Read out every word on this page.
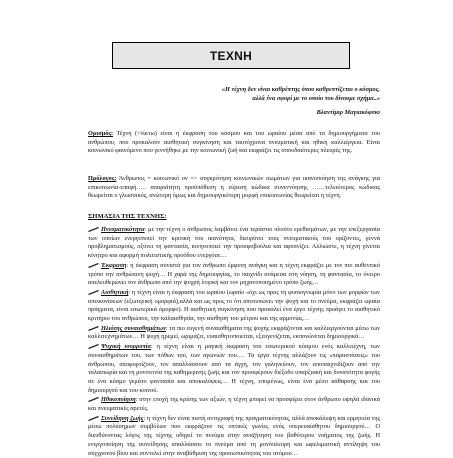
ΤΕΧΝΗ
«Η τέχνη δεν είναι καθρέπτης όπου καθρεπτίζεται ο κόσμος,
αλλά ένα σφυρί με το οποίο του δίνουμε σχήμα..»
Βλαντίμιρ Μαγιακόφσκι
Ορισμός: Τέχνη (<τίκτω) είναι η έκφραση του κόσμου και του ωραίου μέσα από τα δημιουργήματα του ανθρώπου, που προκαλούν αισθητική συγκίνηση και ταυτόχρονα πνευματική και ηθική καλλιέργεια. Είναι κοινωνικό φαινόμενο που γεννήθηκε με την κοινωνική ζωή και εκφράζει τις σπουδαιότερες πλευρές της.
Πρόλογος: Άνθρωπος = κοινωνικό ον => συγκρότηση κοινωνικών σωμάτων για ικανοποίηση της ανάγκης για επικοινωνία-επαφή….. απαραίτητη προϋπόθεση η εύρεση κώδικα συνεννόησης ……τελειότερος κώδικας θεωρείται ο γλωσσικός, ανώτερη όμως και δημιουργικότερη μορφή επικοινωνίας θεωρείται η τέχνη.
ΣΗΜΑΣΙΑ ΤΗΣ ΤΕΧΝΗΣ:
Πνευματικότητα: με την τέχνη ο άνθρωπος λαμβάνει ένα τεράστιο πλούτο ερεθισμάτων, με την επεξεργασία των οποίων ενεργοποιεί την κριτική του ικανότητα, διευρύνει τους πνευματικούς του ορίζοντες, γεννά προβληματισμούς, οξύνει τη φαντασία, κινητοποιεί την προσφοβούλια και αφυπνίζει. Αλλιώστε, η τέχνη γίνεται κίνητρο και αφορμή πολιτιστικής προόδου ενεργόσε…
Έκφραση: η έκφραση συνιστά για τον άνθρωπο έμφυτη ανάγκη και η τέχνη εκφράζει με τον πιο αυθεντικό τρόπο την ανθρώπινη ψυχή… Η χαρά της δημιουργίας, το παιχνίδι ανάμεσα στη νόηση, τη φαντασία, το όνειρο απελευθερώνει τον άνθρωπο από την ψυχρή λογική και τον μηχανοποιημένο τρόπο ζωής…
Αισθητική: η τέχνη είναι η έκφραση του ωραίου (ωραίο «όχι ως προς τη φυσιογνωμία μόνο των μορφών των απεικονίσεων (εξωτερική ομορφιά),αλλά και ως προς το ότι αποτυπώνει την ψυχή και το πνεύμα, εκφράζει ωραία πράγματα, είναι εσωτερικά όμορφο). Η αισθητική συγκίνηση που προκαλεί ένα έργο τέχνης προάγει το αισθητικό κριτήριο του ανθρώπου, την καλαισθησία, την αίσθηση του μέτρου και της αρμονίας…
Ηλιότης συναισθημάτων: τα πιο ευγενή συναισθήματα της ψυχής εκφράζονται και καλλιεργούνται μέσω των καλλιτεχνημάτων… Η ψυχή ηρεμεί, ωριμάζει, ευαισθητοποιείται, εξευγενίζεται, εκπονώνεται δημιουργικά…
Ψυχική ισορροπία: η τέχνη είναι η μαγική έκφραση του εσωτερικού κόσμου ενός καλλιτέχνη, των συναισθημάτων του, των πόθων του, των αγωνιών του…. Τα έργα τέχνης αλλάζουν τις «παραστάσεις» του ανθρώπου, αποφορτίζουν, τον απαλλάσσουν από τα άγχη, τον γαληνεύουν, τον αποπαιχνιδίζουν από την ταλαιπωρία και τη μονοτονία της καθημερινής ζωής και τον προσφέρουν διέξοδο υπαρξιακή και δυνατότητα φυγής σε ένα κόσμο γεμάτο φαντασία και αποκαλύψεις… Η τέχνη, επομένως, είναι ένα μέσο κάθαρσης και του δημιουργού και του κοινού.
Ηθικοποίηση: στην εποχή της κρίσης των αξιών, η τέχνη μπορεί να προσφέρει στον άνθρωπο υψηλά ιδανικά και πνευματικές αρετές.
Συνείδηση ζωής: η τέχνη δεν είναι πιστή αντιγραφή της πραγματικότητας, αλλά αποκάλυψη και ερμηνεία της μέσω πολύσημων συμβόλων που εκφράζουν τις οπτικές γωνίες ενός υπερευαίσθητου δημιουργού… Ο διευθύνοντας λόγος της τέχνης οδηγεί το πνεύμα στην αναζήτηση του βαθύτερου νοήματος της ζωής. Η ενεργοποίηση της συνείδησης απαλλάσσει το πνεύμα από τη μονόπλευρη και ωφελιμιστική αντίληψη του σύγχρονου βίου και συντελεί στην αναβάθμιση της προσωπικότητας του ατόμου…
